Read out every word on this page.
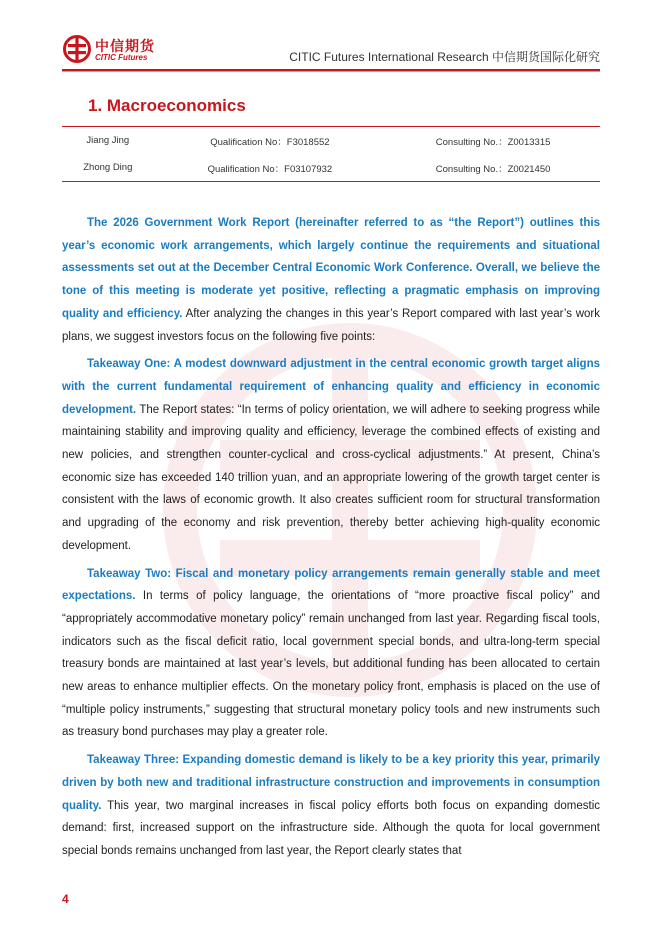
中信期货
CITIC Futures	CITIC Futures International Research 中信期货国际化研究
1. Macroeconomics
Jiang Jing	Qualification No：F3018552	Consulting No.：Z0013315
Zhong Ding	Qualification No：F03107932	Consulting No.：Z0021450

The 2026 Government Work Report (hereinafter referred to as “the Report”) outlines this year’s economic work arrangements, which largely continue the requirements and situational assessments set out at the December Central Economic Work Conference. Overall, we believe the tone of this meeting is moderate yet positive, reflecting a pragmatic emphasis on improving quality and efficiency. After analyzing the changes in this year’s Report compared with last year’s work plans, we suggest investors focus on the following five points:

Takeaway One: A modest downward adjustment in the central economic growth target aligns with the current fundamental requirement of enhancing quality and efficiency in economic development. The Report states: “In terms of policy orientation, we will adhere to seeking progress while maintaining stability and improving quality and efficiency, leverage the combined effects of existing and new policies, and strengthen counter-cyclical and cross-cyclical adjustments.” At present, China’s economic size has exceeded 140 trillion yuan, and an appropriate lowering of the growth target center is consistent with the laws of economic growth. It also creates sufficient room for structural transformation and upgrading of the economy and risk prevention, thereby better achieving high-quality economic development.

Takeaway Two: Fiscal and monetary policy arrangements remain generally stable and meet expectations. In terms of policy language, the orientations of “more proactive fiscal policy” and “appropriately accommodative monetary policy” remain unchanged from last year. Regarding fiscal tools, indicators such as the fiscal deficit ratio, local government special bonds, and ultra-long-term special treasury bonds are maintained at last year’s levels, but additional funding has been allocated to certain new areas to enhance multiplier effects. On the monetary policy front, emphasis is placed on the use of “multiple policy instruments,” suggesting that structural monetary policy tools and new instruments such as treasury bond purchases may play a greater role.

Takeaway Three: Expanding domestic demand is likely to be a key priority this year, primarily driven by both new and traditional infrastructure construction and improvements in consumption quality. This year, two marginal increases in fiscal policy efforts both focus on expanding domestic demand: first, increased support on the infrastructure side. Although the quota for local government special bonds remains unchanged from last year, the Report clearly states that

4
